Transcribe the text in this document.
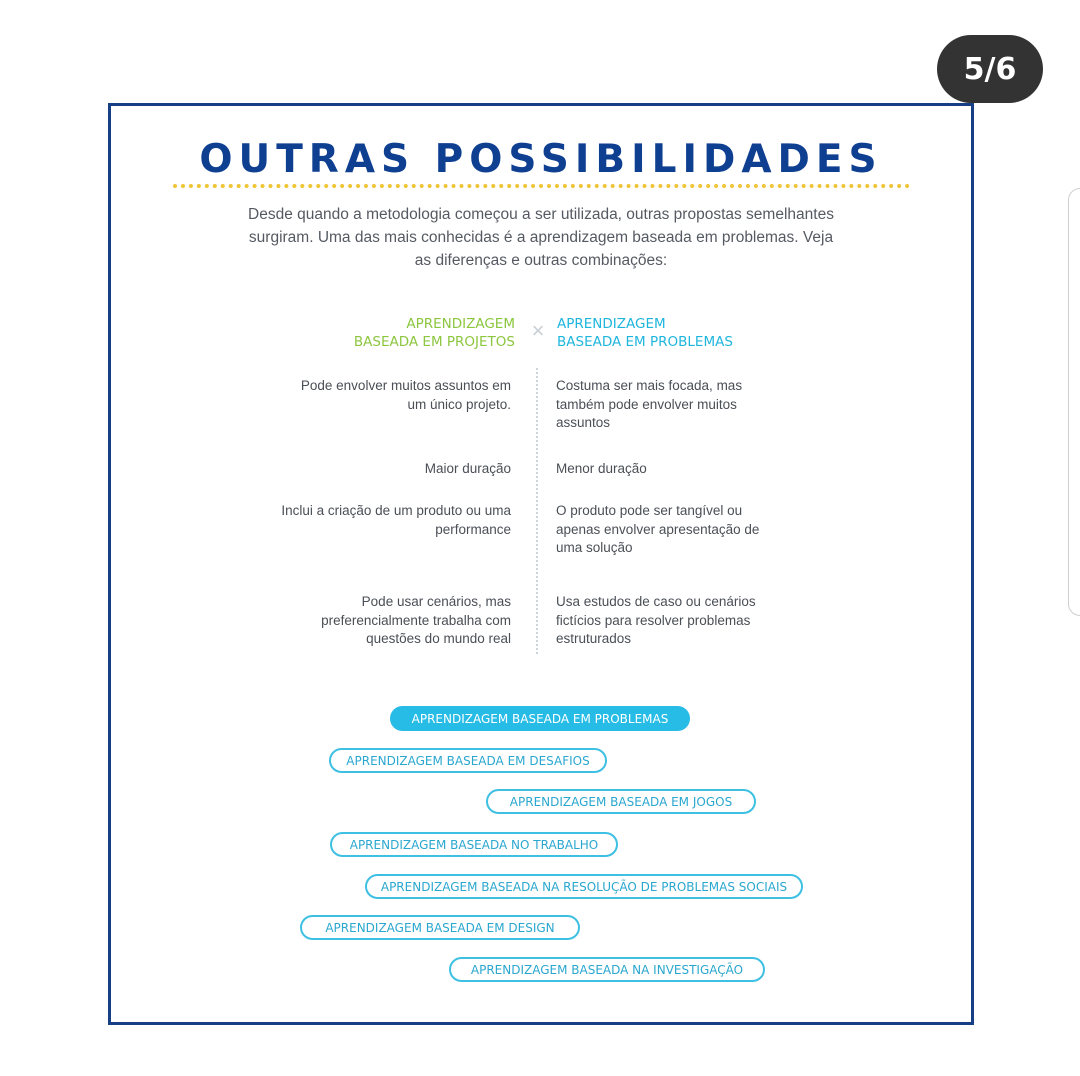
5/6
OUTRAS POSSIBILIDADES
Desde quando a metodologia começou a ser utilizada, outras propostas semelhantes surgiram. Uma das mais conhecidas é a aprendizagem baseada em problemas. Veja as diferenças e outras combinações:
APRENDIZAGEM
BASEADA EM PROJETOS × APRENDIZAGEM
BASEADA EM PROBLEMAS
Pode envolver muitos assuntos em um único projeto.
Costuma ser mais focada, mas também pode envolver muitos assuntos
Maior duração	Menor duração
Inclui a criação de um produto ou uma performance
O produto pode ser tangível ou apenas envolver apresentação de uma solução
Pode usar cenários, mas preferencialmente trabalha com questões do mundo real
Usa estudos de caso ou cenários fictícios para resolver problemas estruturados
APRENDIZAGEM BASEADA EM PROBLEMAS
APRENDIZAGEM BASEADA EM DESAFIOS
APRENDIZAGEM BASEADA EM JOGOS
APRENDIZAGEM BASEADA NO TRABALHO
APRENDIZAGEM BASEADA NA RESOLUÇÃO DE PROBLEMAS SOCIAIS
APRENDIZAGEM BASEADA EM DESIGN
APRENDIZAGEM BASEADA NA INVESTIGAÇÃO
